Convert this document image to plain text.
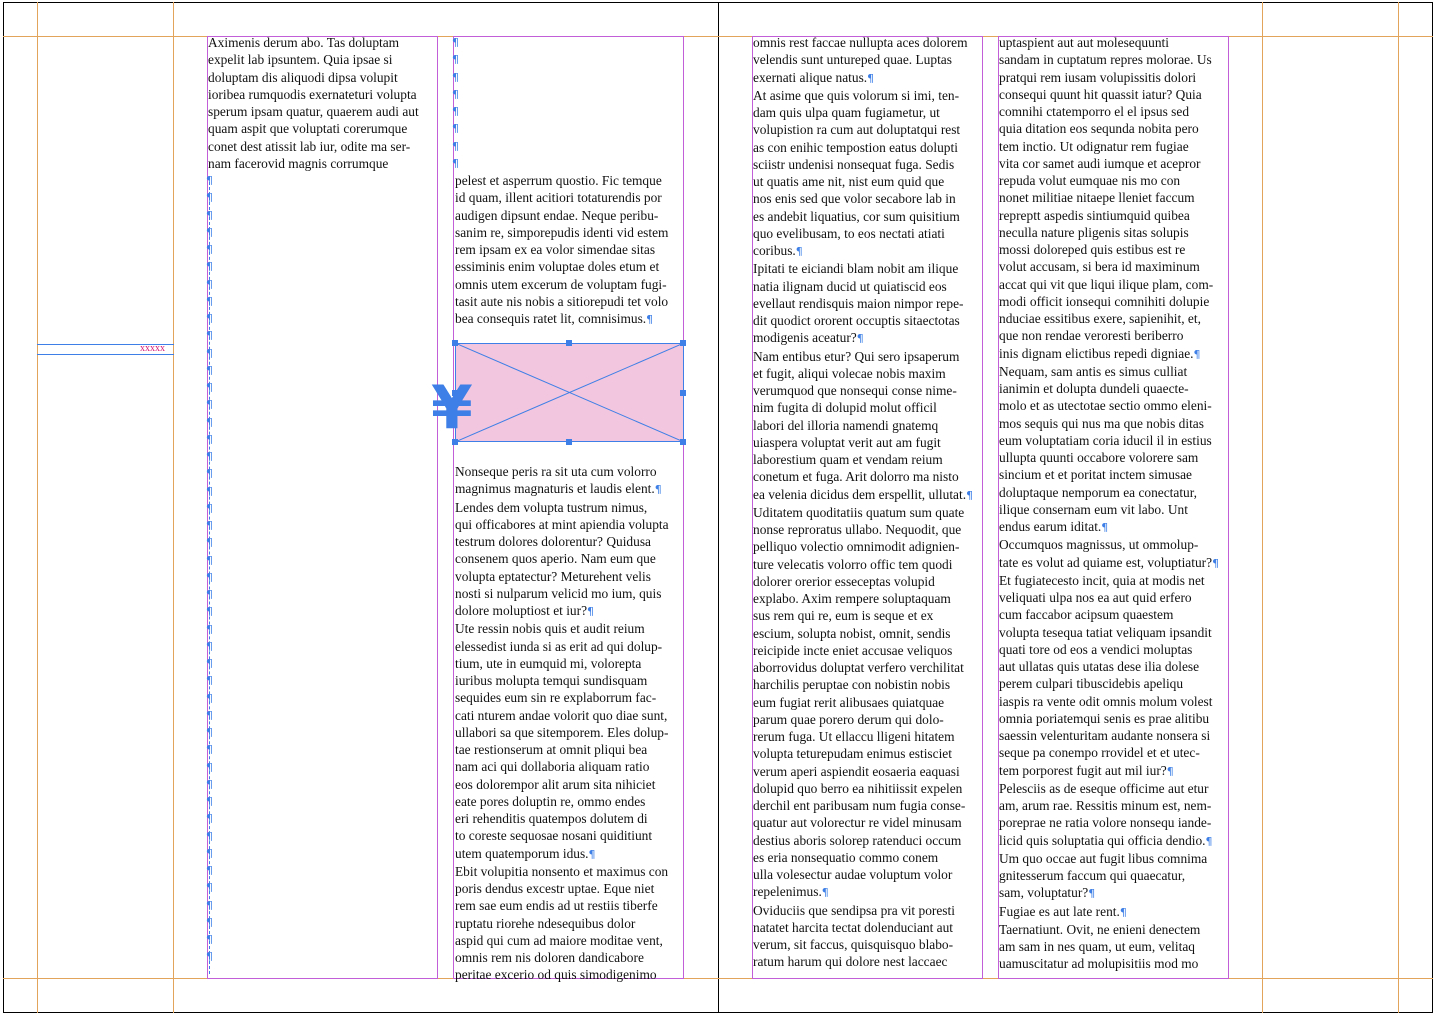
xxxxx
Aximenis derum abo. Tas doluptam
expelit lab ipsuntem. Quia ipsae si
doluptam dis aliquodi dipsa volupit
ioribea rumquodis exernateturi volupta
sperum ipsam quatur, quaerem audi aut
quam aspit que voluptati corerumque
conet dest atissit lab iur, odite ma ser-
nam facerovid magnis corrumque
¶
¶
¶
¶
¶
¶
¶
¶
¶
¶
¶
¶
¶
¶
¶
¶
¶
¶
¶
¶
¶
¶
¶
¶
¶
¶
¶
¶
¶
¶
¶
¶
¶
¶
¶
¶
¶
¶
¶
¶
¶
¶
¶
¶
¶
¶
¶
¶
¶
¶
¶
¶
¶
¶
pelest et asperrum quostio. Fic temque
id quam, illent acitiori totaturendis por
audigen dipsunt endae. Neque peribu-
sanim re, simporepudis identi vid estem
rem ipsam ex ea volor simendae sitas
essiminis enim voluptae doles etum et
omnis utem excerum de voluptam fugi-
tasit aute nis nobis a sitiorepudi tet volo
bea consequis ratet lit, comnisimus.¶
¥
Nonseque peris ra sit uta cum volorro
magnimus magnaturis et laudis elent.¶
Lendes dem volupta tustrum nimus,
qui officabores at mint apiendia volupta
testrum dolores dolorentur? Quidusa
consenem quos aperio. Nam eum que
volupta eptatectur? Meturehent velis
nosti si nulparum velicid mo ium, quis
dolore moluptiost et iur?¶
Ute ressin nobis quis et audit reium
elessedist iunda si as erit ad qui dolup-
tium, ute in eumquid mi, volorepta
iuribus molupta temqui sundisquam
sequides eum sin re explaborrum fac-
cati nturem andae volorit quo diae sunt,
ullabori sa que sitemporem. Eles dolup-
tae restionserum at omnit pliqui bea
nam aci qui dollaboria aliquam ratio
eos dolorempor alit arum sita nihiciet
eate pores doluptin re, ommo endes
eri rehenditis quatempos dolutem di
to coreste sequosae nosani quiditiunt
utem quatemporum idus.¶
Ebit volupitia nonsento et maximus con
poris dendus excestr uptae. Eque niet
rem sae eum endis ad ut restiis tiberfe
ruptatu riorehe ndesequibus dolor
aspid qui cum ad maiore moditae vent,
omnis rem nis doloren dandicabore
peritae excerio od quis simodigenimo
omnis rest faccae nullupta aces dolorem
velendis sunt untureped quae. Luptas
exernati alique natus.¶
At asime que quis volorum si imi, ten-
dam quis ulpa quam fugiametur, ut
volupistion ra cum aut doluptatqui rest
as con enihic tempostion eatus dolupti
sciistr undenisi nonsequat fuga. Sedis
ut quatis ame nit, nist eum quid que
nos enis sed que volor secabore lab in
es andebit liquatius, cor sum quisitium
quo evelibusam, to eos nectati atiati
coribus.¶
Ipitati te eiciandi blam nobit am ilique
natia ilignam ducid ut quiatiscid eos
evellaut rendisquis maion nimpor repe-
dit quodict ororent occuptis sitaectotas
modigenis aceatur?¶
Nam entibus etur? Qui sero ipsaperum
et fugit, aliqui volecae nobis maxim
verumquod que nonsequi conse nime-
nim fugita di dolupid molut officil
labori del illoria namendi gnatemq
uiaspera voluptat verit aut am fugit
laborestium quam et vendam reium
conetum et fuga. Arit dolorro ma nisto
ea velenia dicidus dem erspellit, ullutat.¶
Uditatem quoditatiis quatum sum quate
nonse reproratus ullabo. Nequodit, que
pelliquo volectio omnimodit adignien-
ture velecatis volorro offic tem quodi
dolorer orerior esseceptas volupid
explabo. Axim rempere soluptaquam
sus rem qui re, eum is seque et ex
escium, solupta nobist, omnit, sendis
reicipide incte eniet accusae veliquos
aborrovidus doluptat verfero verchilitat
harchilis peruptae con nobistin nobis
eum fugiat rerit alibusaes quiatquae
parum quae porero derum qui dolo-
rerum fuga. Ut ellaccu lligeni hitatem
volupta teturepudam enimus estisciet
verum aperi aspiendit eosaeria eaquasi
dolupid quo berro ea nihitiissit expelen
derchil ent paribusam num fugia conse-
quatur aut volorectur re videl minusam
destius aboris solorep ratenduci occum
es eria nonsequatio commo conem
ulla volesectur audae voluptum volor
repelenimus.¶
Oviduciis que sendipsa pra vit poresti
natatet harcita tectat dolenduciant aut
verum, sit faccus, quisquisquo blabo-
ratum harum qui dolore nest laccaec
uptaspient aut aut molesequunti
sandam in cuptatum repres molorae. Us
pratqui rem iusam volupissitis dolori
consequi quunt hit quassit iatur? Quia
comnihi ctatemporro el el ipsus sed
quia ditation eos sequnda nobita pero
tem inctio. Ut odignatur rem fugiae
vita cor samet audi iumque et acepror
repuda volut eumquae nis mo con
nonet militiae nitaepe lleniet faccum
repreptt aspedis sintiumquid quibea
neculla nature pligenis sitas solupis
mossi doloreped quis estibus est re
volut accusam, si bera id maximinum
accat qui vit que liqui ilique plam, com-
modi officit ionsequi comnihiti dolupie
nduciae essitibus exere, sapienihit, et,
que non rendae veroresti beriberro
inis dignam elictibus repedi digniae.¶
Nequam, sam antis es simus culliat
ianimin et dolupta dundeli quaecte-
molo et as utectotae sectio ommo eleni-
mos sequis qui nus ma que nobis ditas
eum voluptatiam coria iducil il in estius
ullupta quunti occabore volorere sam
sincium et et poritat inctem simusae
doluptaque nemporum ea conectatur,
ilique consernam eum vit labo. Unt
endus earum iditat.¶
Occumquos magnissus, ut ommolup-
tate es volut ad quiame est, voluptiatur?¶
Et fugiatecesto incit, quia at modis net
veliquati ulpa nos ea aut quid erfero
cum faccabor acipsum quaestem
volupta tesequa tatiat veliquam ipsandit
quati tore od eos a vendici moluptas
aut ullatas quis utatas dese ilia dolese
perem culpari tibuscidebis apeliqu
iaspis ra vente odit omnis molum volest
omnia poriatemqui senis es prae alitibu
saessin velenturitam audante nonsera si
seque pa conempo rrovidel et et utec-
tem porporest fugit aut mil iur?¶
Pelesciis as de eseque officime aut etur
am, arum rae. Ressitis minum est, nem-
poreprae ne ratia volore nonsequ iande-
licid quis soluptatia qui officia dendio.¶
Um quo occae aut fugit libus comnima
gnitesserum faccum qui quaecatur,
sam, voluptatur?¶
Fugiae es aut late rent.¶
Taernatiunt. Ovit, ne enieni denectem
am sam in nes quam, ut eum, velitaq
uamuscitatur ad molupisitiis mod mo
